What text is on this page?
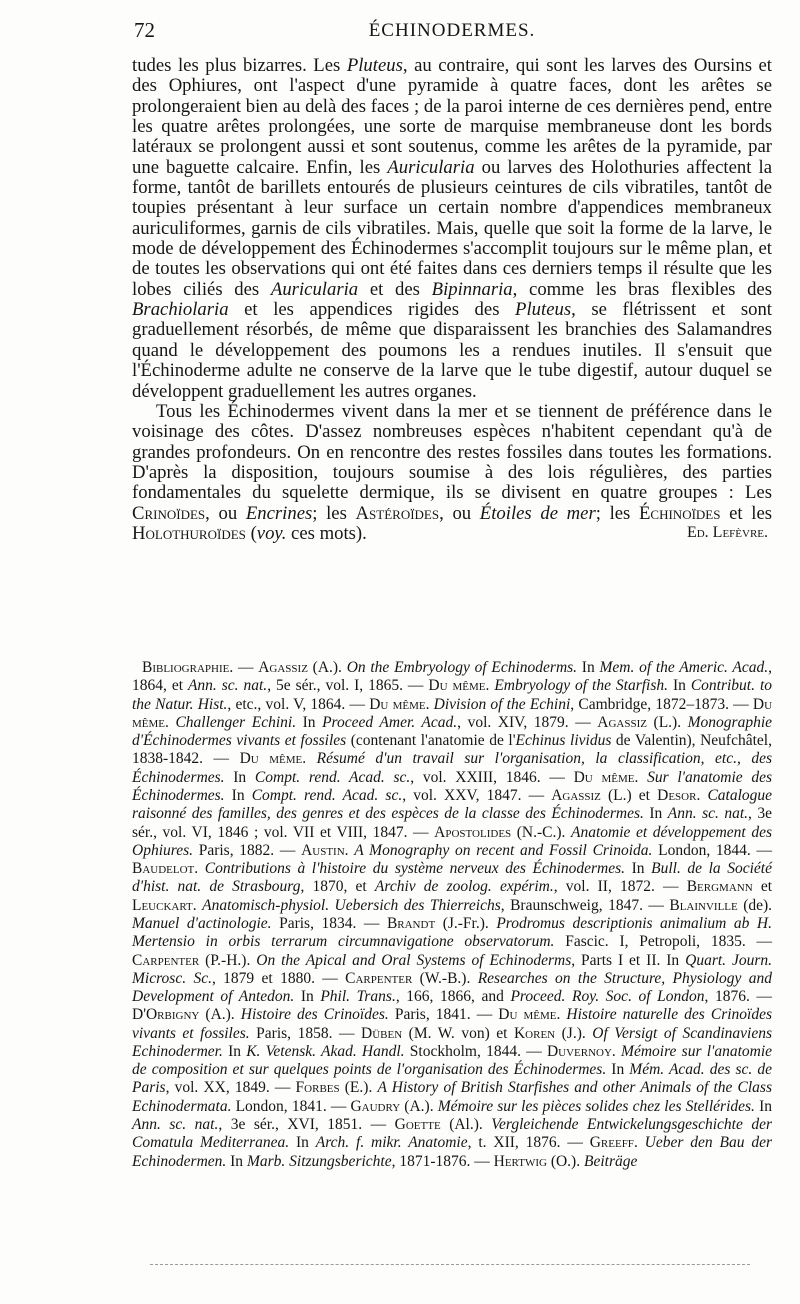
72	ÉCHINODERMES.

tudes les plus bizarres. Les Pluteus, au contraire, qui sont les larves des Oursins et des Ophiures, ont l'aspect d'une pyramide à quatre faces, dont les arêtes se prolongeraient bien au delà des faces ; de la paroi interne de ces dernières pend, entre les quatre arêtes prolongées, une sorte de marquise membraneuse dont les bords latéraux se prolongent aussi et sont soutenus, comme les arêtes de la pyramide, par une baguette calcaire. Enfin, les Auricularia ou larves des Holothuries affectent la forme, tantôt de barillets entourés de plusieurs ceintures de cils vibratiles, tantôt de toupies présentant à leur surface un certain nombre d'appendices membraneux auriculiformes, garnis de cils vibratiles. Mais, quelle que soit la forme de la larve, le mode de développement des Échinodermes s'accomplit toujours sur le même plan, et de toutes les observations qui ont été faites dans ces derniers temps il résulte que les lobes ciliés des Auricularia et des Bipinnaria, comme les bras flexibles des Brachiolaria et les appendices rigides des Pluteus, se flétrissent et sont graduellement résorbés, de même que disparaissent les branchies des Salamandres quand le développement des poumons les a rendues inutiles. Il s'ensuit que l'Échinoderme adulte ne conserve de la larve que le tube digestif, autour duquel se développent graduellement les autres organes.

Tous les Échinodermes vivent dans la mer et se tiennent de préférence dans le voisinage des côtes. D'assez nombreuses espèces n'habitent cependant qu'à de grandes profondeurs. On en rencontre des restes fossiles dans toutes les formations. D'après la disposition, toujours soumise à des lois régulières, des parties fondamentales du squelette dermique, ils se divisent en quatre groupes : Les Crinoïdes, ou Encrines; les Astéroïdes, ou Étoiles de mer; les Échinoïdes et les Holothuroïdes (voy. ces mots).	Ed. Lefèvre.

Bibliographie. — Agassiz (A.). On the Embryology of Echinoderms. In Mem. of the Americ. Acad., 1864, et Ann. sc. nat., 5e sér., vol. I, 1865. — Du même. Embryology of the Starfish. In Contribut. to the Natur. Hist., etc., vol. V, 1864. — Du même. Division of the Echini, Cambridge, 1872–1873. — Du même. Challenger Echini. In Proceed Amer. Acad., vol. XIV, 1879. — Agassiz (L.). Monographie d'Échinodermes vivants et fossiles (contenant l'anatomie de l'Echinus lividus de Valentin), Neufchâtel, 1838-1842. — Du même. Résumé d'un travail sur l'organisation, la classification, etc., des Échinodermes. In Compt. rend. Acad. sc., vol. XXIII, 1846. — Du même. Sur l'anatomie des Échinodermes. In Compt. rend. Acad. sc., vol. XXV, 1847. — Agassiz (L.) et Desor. Catalogue raisonné des familles, des genres et des espèces de la classe des Échinodermes. In Ann. sc. nat., 3e sér., vol. VI, 1846 ; vol. VII et VIII, 1847. — Apostolides (N.-C.). Anatomie et développement des Ophiures. Paris, 1882. — Austin. A Monography on recent and Fossil Crinoida. London, 1844. — Baudelot. Contributions à l'histoire du système nerveux des Échinodermes. In Bull. de la Société d'hist. nat. de Strasbourg, 1870, et Archiv de zoolog. expérim., vol. II, 1872. — Bergmann et Leuckart. Anatomisch-physiol. Uebersich des Thierreichs, Braunschweig, 1847. — Blainville (de). Manuel d'actinologie. Paris, 1834. — Brandt (J.-Fr.). Prodromus descriptionis animalium ab H. Mertensio in orbis terrarum circumnavigatione observatorum. Fascic. I, Petropoli, 1835. — Carpenter (P.-H.). On the Apical and Oral Systems of Echinoderms, Parts I et II. In Quart. Journ. Microsc. Sc., 1879 et 1880. — Carpenter (W.-B.). Researches on the Structure, Physiology and Development of Antedon. In Phil. Trans., 166, 1866, and Proceed. Roy. Soc. of London, 1876. — D'Orbigny (A.). Histoire des Crinoïdes. Paris, 1841. — Du même. Histoire naturelle des Crinoïdes vivants et fossiles. Paris, 1858. — Düben (M. W. von) et Koren (J.). Of Versigt of Scandinaviens Echinodermer. In K. Vetensk. Akad. Handl. Stockholm, 1844. — Duvernoy. Mémoire sur l'anatomie de composition et sur quelques points de l'organisation des Échinodermes. In Mém. Acad. des sc. de Paris, vol. XX, 1849. — Forbes (E.). A History of British Starfishes and other Animals of the Class Echinodermata. London, 1841. — Gaudry (A.). Mémoire sur les pièces solides chez les Stellérides. In Ann. sc. nat., 3e sér., XVI, 1851. — Goette (Al.). Vergleichende Entwickelungsgeschichte der Comatula Mediterranea. In Arch. f. mikr. Anatomie, t. XII, 1876. — Greeff. Ueber den Bau der Echinodermen. In Marb. Sitzungsberichte, 1871-1876. — Hertwig (O.). Beiträge
